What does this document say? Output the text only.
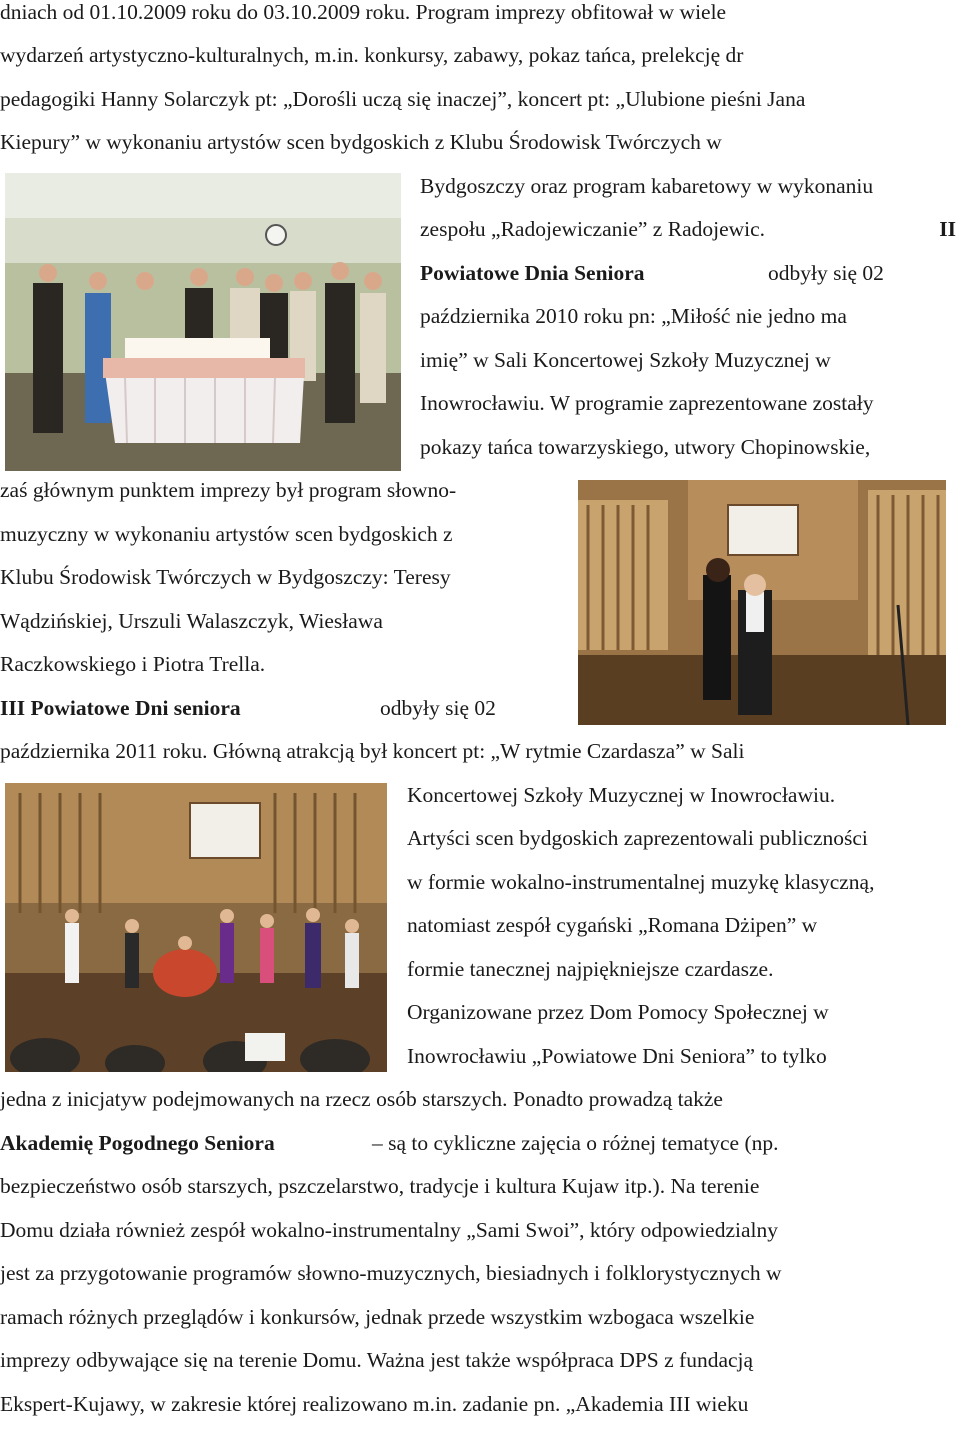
dniach od 01.10.2009 roku do 03.10.2009 roku. Program imprezy obfitował w wiele
wydarzeń artystyczno-kulturalnych, m.in. konkursy, zabawy, pokaz tańca, prelekcję dr
pedagogiki Hanny Solarczyk pt: „Dorośli uczą się inaczej”, koncert pt: „Ulubione pieśni Jana
Kiepury” w wykonaniu artystów scen bydgoskich z Klubu Środowisk Twórczych w
Bydgoszczy oraz program kabaretowy w wykonaniu
zespołu „Radojewiczanie” z Radojewic.	II
Powiatowe Dnia Seniora	odbyły się 02
października 2010 roku pn: „Miłość nie jedno ma
imię” w Sali Koncertowej Szkoły Muzycznej w
Inowrocławiu. W programie zaprezentowane zostały
pokazy tańca towarzyskiego, utwory Chopinowskie,
zaś głównym punktem imprezy był program słowno-
muzyczny w wykonaniu artystów scen bydgoskich z
Klubu Środowisk Twórczych w Bydgoszczy: Teresy
Wądzińskiej, Urszuli Walaszczyk, Wiesława
Raczkowskiego i Piotra Trella.
III Powiatowe Dni seniora	odbyły się 02
października 2011 roku. Główną atrakcją był koncert pt: „W rytmie Czardasza” w Sali
Koncertowej Szkoły Muzycznej w Inowrocławiu.
Artyści scen bydgoskich zaprezentowali publiczności
w formie wokalno-instrumentalnej muzykę klasyczną,
natomiast zespół cygański „Romana Dżipen” w
formie tanecznej najpiękniejsze czardasze.
Organizowane przez Dom Pomocy Społecznej w
Inowrocławiu „Powiatowe Dni Seniora” to tylko
jedna z inicjatyw podejmowanych na rzecz osób starszych. Ponadto prowadzą także
Akademię Pogodnego Seniora	– są to cykliczne zajęcia o różnej tematyce (np.
bezpieczeństwo osób starszych, pszczelarstwo, tradycje i kultura Kujaw itp.). Na terenie
Domu działa również zespół wokalno-instrumentalny „Sami Swoi”, który odpowiedzialny
jest za przygotowanie programów słowno-muzycznych, biesiadnych i folklorystycznych w
ramach różnych przeglądów i konkursów, jednak przede wszystkim wzbogaca wszelkie
imprezy odbywające się na terenie Domu. Ważna jest także współpraca DPS z fundacją
Ekspert-Kujawy, w zakresie której realizowano m.in. zadanie pn. „Akademia III wieku
